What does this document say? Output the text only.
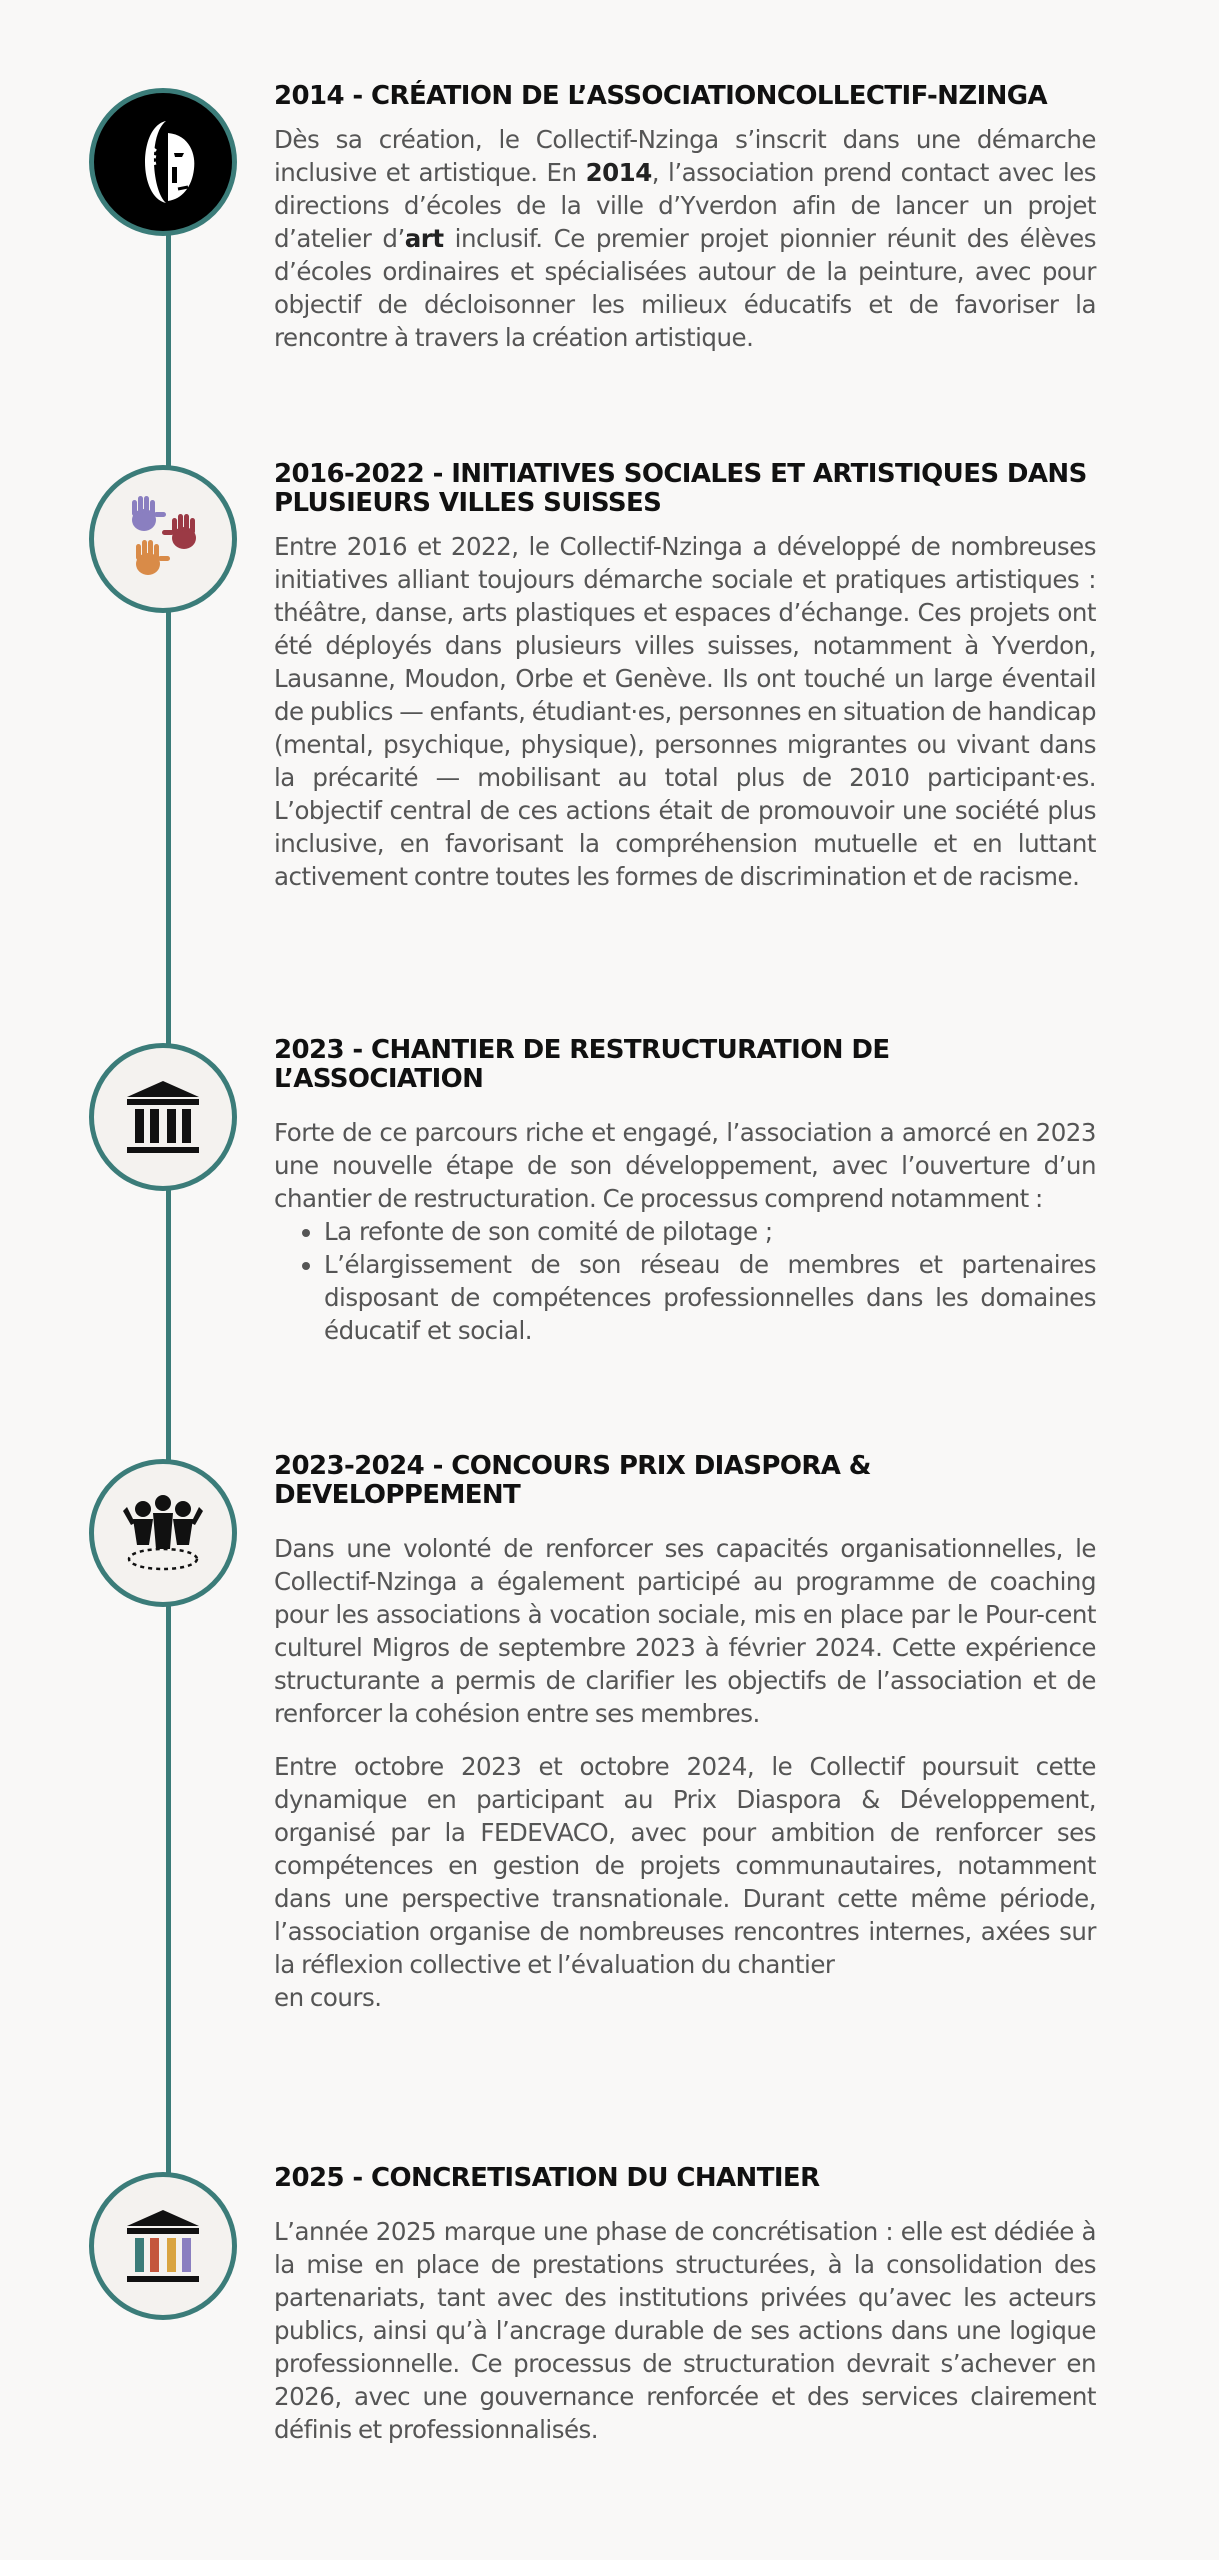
2014 - CRÉATION DE L’ASSOCIATIONCOLLECTIF-NZINGA

Dès sa création, le Collectif-Nzinga s’inscrit dans une démarche inclusive et artistique. En 2014, l’association prend contact avec les directions d’écoles de la ville d’Yverdon afin de lancer un projet d’atelier d’art inclusif. Ce premier projet pionnier réunit des élèves d’écoles ordinaires et spécialisées autour de la peinture, avec pour objectif de décloisonner les milieux éducatifs et de favoriser la rencontre à travers la création artistique.

2016-2022 - INITIATIVES SOCIALES ET ARTISTIQUES DANS PLUSIEURS VILLES SUISSES

Entre 2016 et 2022, le Collectif-Nzinga a développé de nombreuses initiatives alliant toujours démarche sociale et pratiques artistiques : théâtre, danse, arts plastiques et espaces d’échange. Ces projets ont été déployés dans plusieurs villes suisses, notamment à Yverdon, Lausanne, Moudon, Orbe et Genève. Ils ont touché un large éventail de publics — enfants, étudiant·es, personnes en situation de handicap (mental, psychique, physique), personnes migrantes ou vivant dans la précarité — mobilisant au total plus de 2010 participant·es. L’objectif central de ces actions était de promouvoir une société plus inclusive, en favorisant la compréhension mutuelle et en luttant activement contre toutes les formes de discrimination et de racisme.

2023 - CHANTIER DE RESTRUCTURATION DE L’ASSOCIATION

Forte de ce parcours riche et engagé, l’association a amorcé en 2023 une nouvelle étape de son développement, avec l’ouverture d’un chantier de restructuration. Ce processus comprend notamment :

• La refonte de son comité de pilotage ;
• L’élargissement de son réseau de membres et partenaires disposant de compétences professionnelles dans les domaines éducatif et social.
2023-2024 - CONCOURS PRIX DIASPORA & DEVELOPPEMENT

Dans une volonté de renforcer ses capacités organisationnelles, le Collectif-Nzinga a également participé au programme de coaching pour les associations à vocation sociale, mis en place par le Pour-cent culturel Migros de septembre 2023 à février 2024. Cette expérience structurante a permis de clarifier les objectifs de l’association et de renforcer la cohésion entre ses membres.

Entre octobre 2023 et octobre 2024, le Collectif poursuit cette dynamique en participant au Prix Diaspora & Développement, organisé par la FEDEVACO, avec pour ambition de renforcer ses compétences en gestion de projets communautaires, notamment dans une perspective transnationale. Durant cette même période, l’association organise de nombreuses rencontres internes, axées sur la réflexion collective et l’évaluation du chantier

en cours.

2025 - CONCRETISATION DU CHANTIER

L’année 2025 marque une phase de concrétisation : elle est dédiée à la mise en place de prestations structurées, à la consolidation des partenariats, tant avec des institutions privées qu’avec les acteurs publics, ainsi qu’à l’ancrage durable de ses actions dans une logique professionnelle. Ce processus de structuration devrait s’achever en 2026, avec une gouvernance renforcée et des services clairement définis et professionnalisés.
